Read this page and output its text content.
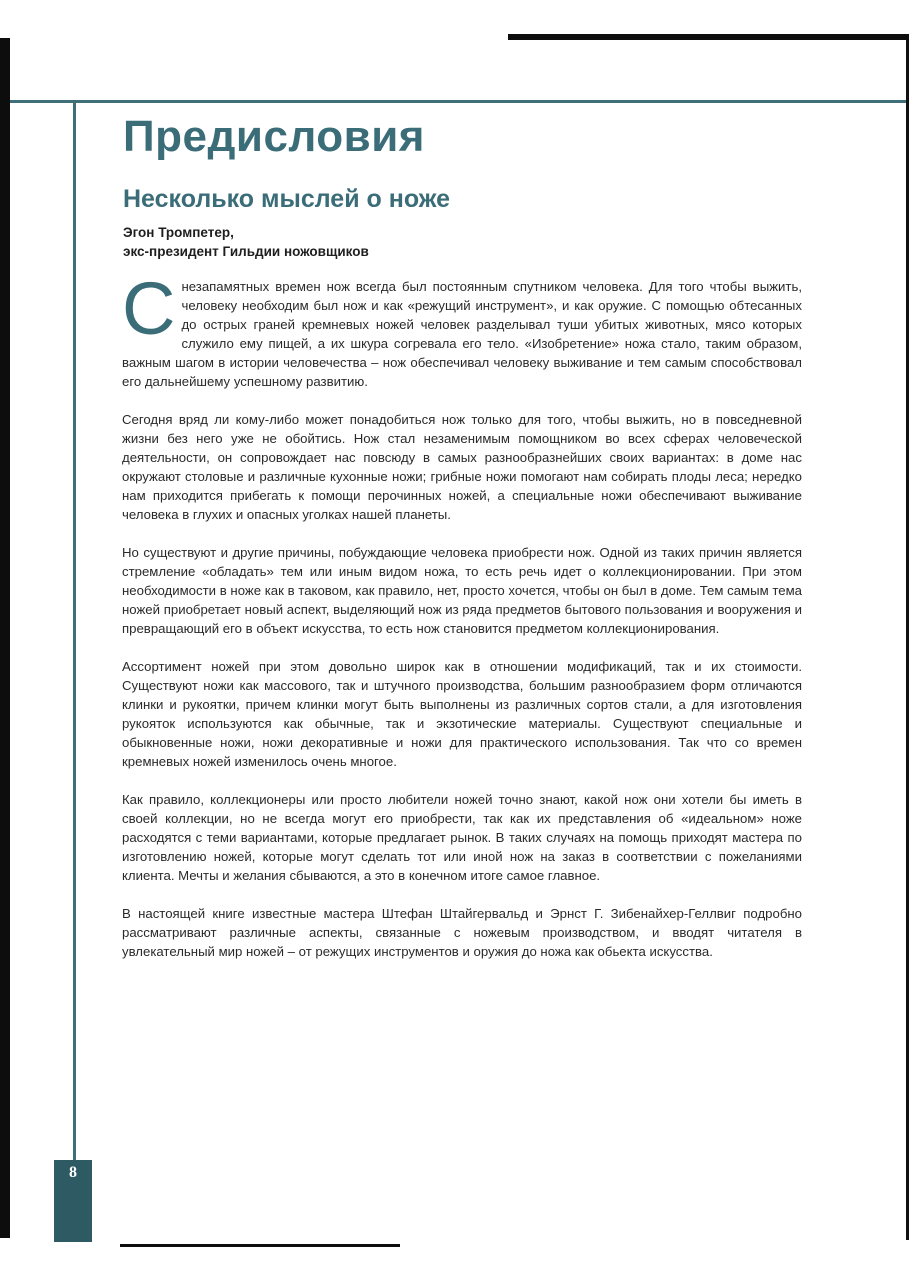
8
Предисловия
Несколько мыслей о ноже
Эгон Тромпетер,
экс-президент Гильдии ножовщиков

С незапамятных времен нож всегда был постоянным спутником человека. Для того чтобы выжить, человеку необходим был нож и как «режущий инструмент», и как оружие. С помощью обтесанных до острых граней кремневых ножей человек разделывал туши убитых животных, мясо которых служило ему пищей, а их шкура согревала его тело. «Изобретение» ножа стало, таким образом, важным шагом в истории человечества – нож обеспечивал человеку выживание и тем самым способствовал его дальнейшему успешному развитию.

Сегодня вряд ли кому-либо может понадобиться нож только для того, чтобы выжить, но в повседневной жизни без него уже не обойтись. Нож стал незаменимым помощником во всех сферах человеческой деятельности, он сопровождает нас повсюду в самых разнообразнейших своих вариантах: в доме нас окружают столовые и различные кухонные ножи; грибные ножи помогают нам собирать плоды леса; нередко нам приходится прибегать к помощи перочинных ножей, а специальные ножи обеспечивают выживание человека в глухих и опасных уголках нашей планеты.

Но существуют и другие причины, побуждающие человека приобрести нож. Одной из таких причин является стремление «обладать» тем или иным видом ножа, то есть речь идет о коллекционировании. При этом необходимости в ноже как в таковом, как правило, нет, просто хочется, чтобы он был в доме. Тем самым тема ножей приобретает новый аспект, выделяющий нож из ряда предметов бытового пользования и вооружения и превращающий его в объект искусства, то есть нож становится предметом коллекционирования.

Ассортимент ножей при этом довольно широк как в отношении модификаций, так и их стоимости. Существуют ножи как массового, так и штучного производства, большим разнообразием форм отличаются клинки и рукоятки, причем клинки могут быть выполнены из различных сортов стали, а для изготовления рукояток используются как обычные, так и экзотические материалы. Существуют специальные и обыкновенные ножи, ножи декоративные и ножи для практического использования. Так что со времен кремневых ножей изменилось очень многое.

Как правило, коллекционеры или просто любители ножей точно знают, какой нож они хотели бы иметь в своей коллекции, но не всегда могут его приобрести, так как их представления об «идеальном» ноже расходятся с теми вариантами, которые предлагает рынок. В таких случаях на помощь приходят мастера по изготовлению ножей, которые могут сделать тот или иной нож на заказ в соответствии с пожеланиями клиента. Мечты и желания сбываются, а это в конечном итоге самое главное.

В настоящей книге известные мастера Штефан Штайгервальд и Эрнст Г. Зибенайхер-Геллвиг подробно рассматривают различные аспекты, связанные с ножевым производством, и вводят читателя в увлекательный мир ножей – от режущих инструментов и оружия до ножа как обьекта искусства.
